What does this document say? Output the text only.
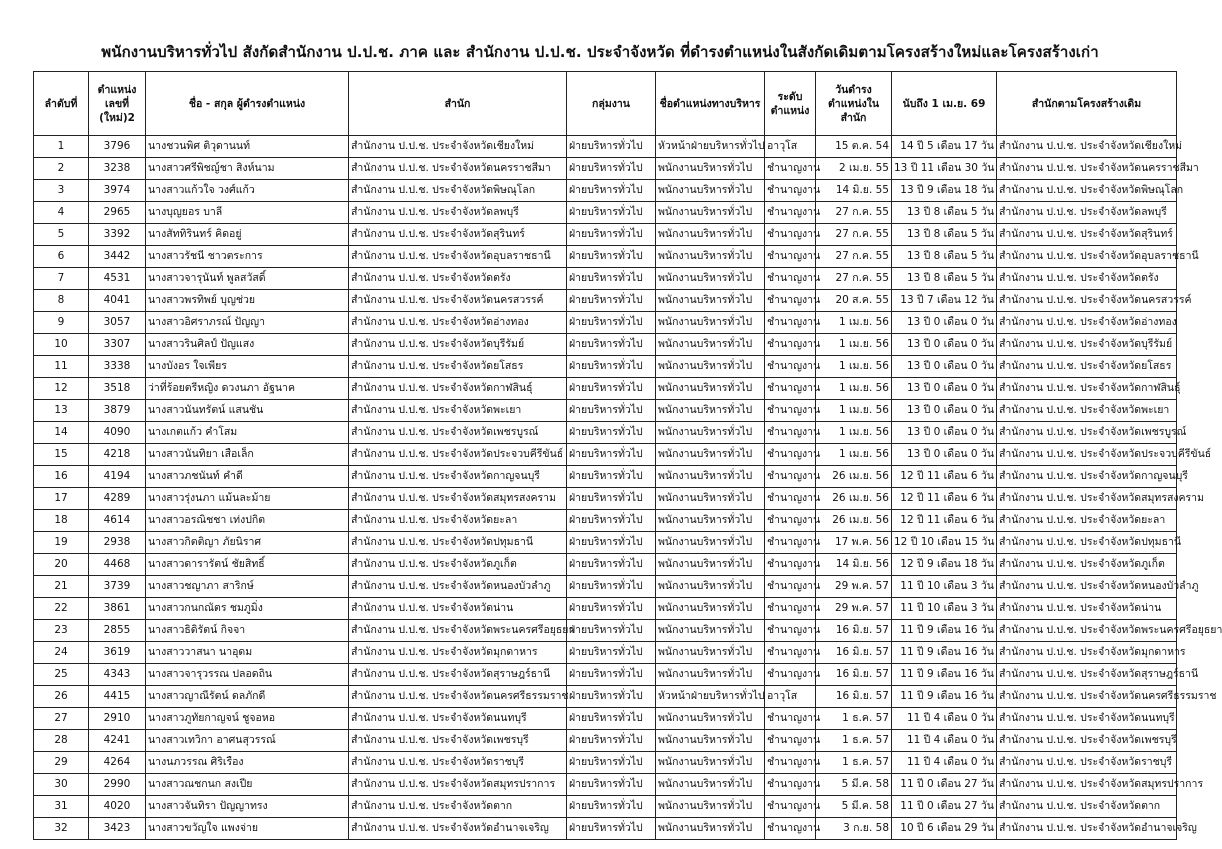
พนักงานบริหารทั่วไป สังกัดสำนักงาน ป.ป.ช. ภาค และ สำนักงาน ป.ป.ช. ประจำจังหวัด ที่ดำรงตำแหน่งในสังกัดเดิมตามโครงสร้างใหม่และโครงสร้างเก่า
ลำดับที่	ตำแหน่งเลขที่ (ใหม่)2	ชื่อ - สกุล ผู้ดำรงตำแหน่ง	สำนัก	กลุ่มงาน	ชื่อตำแหน่งทางบริหาร	ระดับตำแหน่ง	วันดำรงตำแหน่งในสำนัก	นับถึง 1 เม.ย. 69	สำนักตามโครงสร้างเดิม
1	3796	นางชวนพิศ ติวุดานนท์	สำนักงาน ป.ป.ช. ประจำจังหวัดเชียงใหม่	ฝ่ายบริหารทั่วไป	หัวหน้าฝ่ายบริหารทั่วไป	อาวุโส	15 ต.ค. 54	14 ปี 5 เดือน 17 วัน	สำนักงาน ป.ป.ช. ประจำจังหวัดเชียงใหม่
2	3238	นางสาวศรีพิชญ์ชา สิงห์นาม	สำนักงาน ป.ป.ช. ประจำจังหวัดนครราชสีมา	ฝ่ายบริหารทั่วไป	พนักงานบริหารทั่วไป	ชำนาญงาน	2 เม.ย. 55	13 ปี 11 เดือน 30 วัน	สำนักงาน ป.ป.ช. ประจำจังหวัดนครราชสีมา
3	3974	นางสาวแก้วใจ วงศ์แก้ว	สำนักงาน ป.ป.ช. ประจำจังหวัดพิษณุโลก	ฝ่ายบริหารทั่วไป	พนักงานบริหารทั่วไป	ชำนาญงาน	14 มิ.ย. 55	13 ปี 9 เดือน 18 วัน	สำนักงาน ป.ป.ช. ประจำจังหวัดพิษณุโลก
4	2965	นางบุญยอร บาลี	สำนักงาน ป.ป.ช. ประจำจังหวัดลพบุรี	ฝ่ายบริหารทั่วไป	พนักงานบริหารทั่วไป	ชำนาญงาน	27 ก.ค. 55	13 ปี 8 เดือน 5 วัน	สำนักงาน ป.ป.ช. ประจำจังหวัดลพบุรี
5	3392	นางสัททิรินทร์ คิดอยู่	สำนักงาน ป.ป.ช. ประจำจังหวัดสุรินทร์	ฝ่ายบริหารทั่วไป	พนักงานบริหารทั่วไป	ชำนาญงาน	27 ก.ค. 55	13 ปี 8 เดือน 5 วัน	สำนักงาน ป.ป.ช. ประจำจังหวัดสุรินทร์
6	3442	นางสาวรัชนี ชาวตระการ	สำนักงาน ป.ป.ช. ประจำจังหวัดอุบลราชธานี	ฝ่ายบริหารทั่วไป	พนักงานบริหารทั่วไป	ชำนาญงาน	27 ก.ค. 55	13 ปี 8 เดือน 5 วัน	สำนักงาน ป.ป.ช. ประจำจังหวัดอุบลราชธานี
7	4531	นางสาวจารุนันท์ พูลสวัสดิ์	สำนักงาน ป.ป.ช. ประจำจังหวัดตรัง	ฝ่ายบริหารทั่วไป	พนักงานบริหารทั่วไป	ชำนาญงาน	27 ก.ค. 55	13 ปี 8 เดือน 5 วัน	สำนักงาน ป.ป.ช. ประจำจังหวัดตรัง
8	4041	นางสาวพรทิพย์ บุญช่วย	สำนักงาน ป.ป.ช. ประจำจังหวัดนครสวรรค์	ฝ่ายบริหารทั่วไป	พนักงานบริหารทั่วไป	ชำนาญงาน	20 ส.ค. 55	13 ปี 7 เดือน 12 วัน	สำนักงาน ป.ป.ช. ประจำจังหวัดนครสวรรค์
9	3057	นางสาวอิศราภรณ์ ปัญญา	สำนักงาน ป.ป.ช. ประจำจังหวัดอ่างทอง	ฝ่ายบริหารทั่วไป	พนักงานบริหารทั่วไป	ชำนาญงาน	1 เม.ย. 56	13 ปี 0 เดือน 0 วัน	สำนักงาน ป.ป.ช. ประจำจังหวัดอ่างทอง
10	3307	นางสาวรินศิลป์ ปัญแสง	สำนักงาน ป.ป.ช. ประจำจังหวัดบุรีรัมย์	ฝ่ายบริหารทั่วไป	พนักงานบริหารทั่วไป	ชำนาญงาน	1 เม.ย. 56	13 ปี 0 เดือน 0 วัน	สำนักงาน ป.ป.ช. ประจำจังหวัดบุรีรัมย์
11	3338	นางบังอร ใจเพียร	สำนักงาน ป.ป.ช. ประจำจังหวัดยโสธร	ฝ่ายบริหารทั่วไป	พนักงานบริหารทั่วไป	ชำนาญงาน	1 เม.ย. 56	13 ปี 0 เดือน 0 วัน	สำนักงาน ป.ป.ช. ประจำจังหวัดยโสธร
12	3518	ว่าที่ร้อยตรีหญิง ดวงนภา อัฐนาค	สำนักงาน ป.ป.ช. ประจำจังหวัดกาฬสินธุ์	ฝ่ายบริหารทั่วไป	พนักงานบริหารทั่วไป	ชำนาญงาน	1 เม.ย. 56	13 ปี 0 เดือน 0 วัน	สำนักงาน ป.ป.ช. ประจำจังหวัดกาฬสินธุ์
13	3879	นางสาวนันทรัตน์ แสนชัน	สำนักงาน ป.ป.ช. ประจำจังหวัดพะเยา	ฝ่ายบริหารทั่วไป	พนักงานบริหารทั่วไป	ชำนาญงาน	1 เม.ย. 56	13 ปี 0 เดือน 0 วัน	สำนักงาน ป.ป.ช. ประจำจังหวัดพะเยา
14	4090	นางเกตแก้ว คำโสม	สำนักงาน ป.ป.ช. ประจำจังหวัดเพชรบูรณ์	ฝ่ายบริหารทั่วไป	พนักงานบริหารทั่วไป	ชำนาญงาน	1 เม.ย. 56	13 ปี 0 เดือน 0 วัน	สำนักงาน ป.ป.ช. ประจำจังหวัดเพชรบูรณ์
15	4218	นางสาวนันทิยา เสือเล็ก	สำนักงาน ป.ป.ช. ประจำจังหวัดประจวบคีรีขันธ์	ฝ่ายบริหารทั่วไป	พนักงานบริหารทั่วไป	ชำนาญงาน	1 เม.ย. 56	13 ปี 0 เดือน 0 วัน	สำนักงาน ป.ป.ช. ประจำจังหวัดประจวบคีรีขันธ์
16	4194	นางสาวภชนันท์ คำดี	สำนักงาน ป.ป.ช. ประจำจังหวัดกาญจนบุรี	ฝ่ายบริหารทั่วไป	พนักงานบริหารทั่วไป	ชำนาญงาน	26 เม.ย. 56	12 ปี 11 เดือน 6 วัน	สำนักงาน ป.ป.ช. ประจำจังหวัดกาญจนบุรี
17	4289	นางสาวรุ่งนภา แม้นละม้าย	สำนักงาน ป.ป.ช. ประจำจังหวัดสมุทรสงคราม	ฝ่ายบริหารทั่วไป	พนักงานบริหารทั่วไป	ชำนาญงาน	26 เม.ย. 56	12 ปี 11 เดือน 6 วัน	สำนักงาน ป.ป.ช. ประจำจังหวัดสมุทรสงคราม
18	4614	นางสาวอรณิชชา เท่งปกิต	สำนักงาน ป.ป.ช. ประจำจังหวัดยะลา	ฝ่ายบริหารทั่วไป	พนักงานบริหารทั่วไป	ชำนาญงาน	26 เม.ย. 56	12 ปี 11 เดือน 6 วัน	สำนักงาน ป.ป.ช. ประจำจังหวัดยะลา
19	2938	นางสาวกิตติญา ภัยนิราศ	สำนักงาน ป.ป.ช. ประจำจังหวัดปทุมธานี	ฝ่ายบริหารทั่วไป	พนักงานบริหารทั่วไป	ชำนาญงาน	17 พ.ค. 56	12 ปี 10 เดือน 15 วัน	สำนักงาน ป.ป.ช. ประจำจังหวัดปทุมธานี
20	4468	นางสาวดารารัตน์ ชัยสิทธิ์	สำนักงาน ป.ป.ช. ประจำจังหวัดภูเก็ต	ฝ่ายบริหารทั่วไป	พนักงานบริหารทั่วไป	ชำนาญงาน	14 มิ.ย. 56	12 ปี 9 เดือน 18 วัน	สำนักงาน ป.ป.ช. ประจำจังหวัดภูเก็ต
21	3739	นางสาวชญาภา สาริกษ์	สำนักงาน ป.ป.ช. ประจำจังหวัดหนองบัวลำภู	ฝ่ายบริหารทั่วไป	พนักงานบริหารทั่วไป	ชำนาญงาน	29 พ.ค. 57	11 ปี 10 เดือน 3 วัน	สำนักงาน ป.ป.ช. ประจำจังหวัดหนองบัวลำภู
22	3861	นางสาวกนกณัตร ชมภูมิ่ง	สำนักงาน ป.ป.ช. ประจำจังหวัดน่าน	ฝ่ายบริหารทั่วไป	พนักงานบริหารทั่วไป	ชำนาญงาน	29 พ.ค. 57	11 ปี 10 เดือน 3 วัน	สำนักงาน ป.ป.ช. ประจำจังหวัดน่าน
23	2855	นางสาวธิดิรัตน์ กิจจา	สำนักงาน ป.ป.ช. ประจำจังหวัดพระนครศรีอยุธยา	ฝ่ายบริหารทั่วไป	พนักงานบริหารทั่วไป	ชำนาญงาน	16 มิ.ย. 57	11 ปี 9 เดือน 16 วัน	สำนักงาน ป.ป.ช. ประจำจังหวัดพระนครศรีอยุธยา
24	3619	นางสาววาสนา นาอุดม	สำนักงาน ป.ป.ช. ประจำจังหวัดมุกดาหาร	ฝ่ายบริหารทั่วไป	พนักงานบริหารทั่วไป	ชำนาญงาน	16 มิ.ย. 57	11 ปี 9 เดือน 16 วัน	สำนักงาน ป.ป.ช. ประจำจังหวัดมุกดาหาร
25	4343	นางสาวจารุวรรณ ปลอดถิน	สำนักงาน ป.ป.ช. ประจำจังหวัดสุราษฎร์ธานี	ฝ่ายบริหารทั่วไป	พนักงานบริหารทั่วไป	ชำนาญงาน	16 มิ.ย. 57	11 ปี 9 เดือน 16 วัน	สำนักงาน ป.ป.ช. ประจำจังหวัดสุราษฎร์ธานี
26	4415	นางสาวญาณีรัตน์ ดลภักดี	สำนักงาน ป.ป.ช. ประจำจังหวัดนครศรีธรรมราช	ฝ่ายบริหารทั่วไป	หัวหน้าฝ่ายบริหารทั่วไป	อาวุโส	16 มิ.ย. 57	11 ปี 9 เดือน 16 วัน	สำนักงาน ป.ป.ช. ประจำจังหวัดนครศรีธรรมราช
27	2910	นางสาวภูทัยกาญจน์ ชูจอหอ	สำนักงาน ป.ป.ช. ประจำจังหวัดนนทบุรี	ฝ่ายบริหารทั่วไป	พนักงานบริหารทั่วไป	ชำนาญงาน	1 ธ.ค. 57	11 ปี 4 เดือน 0 วัน	สำนักงาน ป.ป.ช. ประจำจังหวัดนนทบุรี
28	4241	นางสาวเทวิกา อาศนสุวรรณ์	สำนักงาน ป.ป.ช. ประจำจังหวัดเพชรบุรี	ฝ่ายบริหารทั่วไป	พนักงานบริหารทั่วไป	ชำนาญงาน	1 ธ.ค. 57	11 ปี 4 เดือน 0 วัน	สำนักงาน ป.ป.ช. ประจำจังหวัดเพชรบุรี
29	4264	นางนภวรรณ ศิริเรือง	สำนักงาน ป.ป.ช. ประจำจังหวัดราชบุรี	ฝ่ายบริหารทั่วไป	พนักงานบริหารทั่วไป	ชำนาญงาน	1 ธ.ค. 57	11 ปี 4 เดือน 0 วัน	สำนักงาน ป.ป.ช. ประจำจังหวัดราชบุรี
30	2990	นางสาวณชกนก สงเปีย	สำนักงาน ป.ป.ช. ประจำจังหวัดสมุทรปราการ	ฝ่ายบริหารทั่วไป	พนักงานบริหารทั่วไป	ชำนาญงาน	5 มี.ค. 58	11 ปี 0 เดือน 27 วัน	สำนักงาน ป.ป.ช. ประจำจังหวัดสมุทรปราการ
31	4020	นางสาวจันทิรา ปัญญาทรง	สำนักงาน ป.ป.ช. ประจำจังหวัดตาก	ฝ่ายบริหารทั่วไป	พนักงานบริหารทั่วไป	ชำนาญงาน	5 มี.ค. 58	11 ปี 0 เดือน 27 วัน	สำนักงาน ป.ป.ช. ประจำจังหวัดตาก
32	3423	นางสาวขวัญใจ แพงจ่าย	สำนักงาน ป.ป.ช. ประจำจังหวัดอำนาจเจริญ	ฝ่ายบริหารทั่วไป	พนักงานบริหารทั่วไป	ชำนาญงาน	3 ก.ย. 58	10 ปี 6 เดือน 29 วัน	สำนักงาน ป.ป.ช. ประจำจังหวัดอำนาจเจริญ
